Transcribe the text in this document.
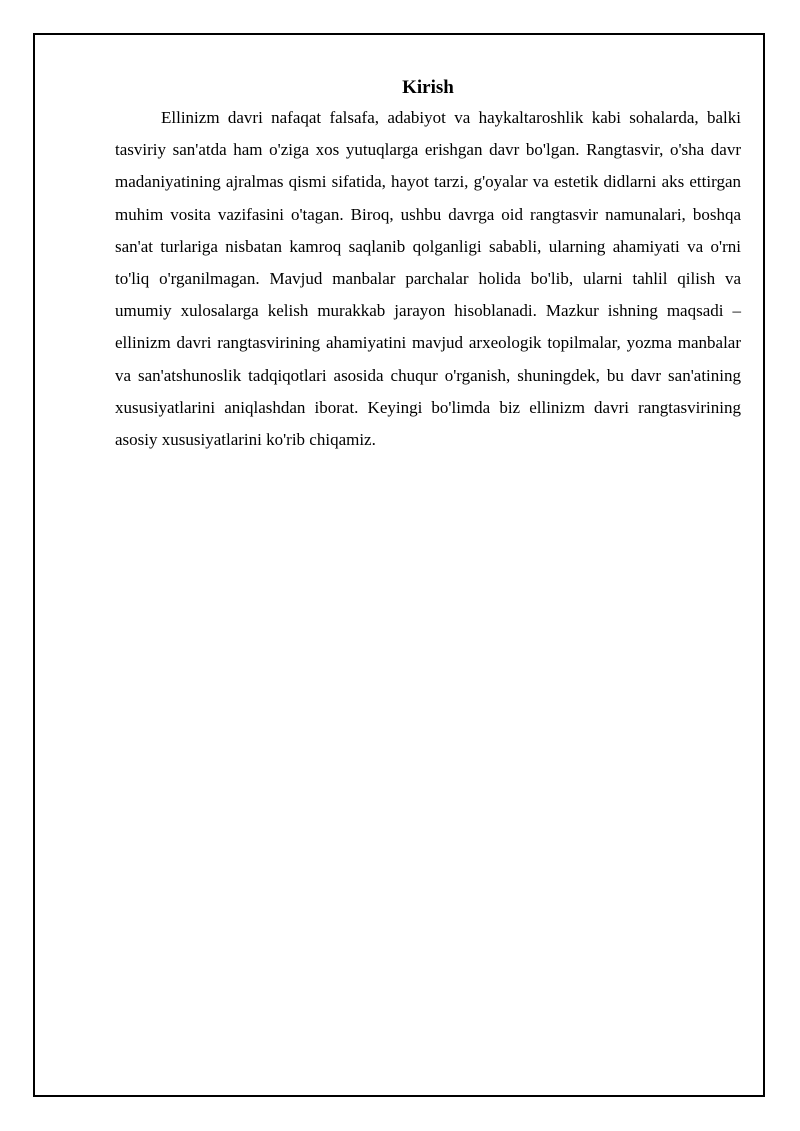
Kirish

Ellinizm davri nafaqat falsafa, adabiyot va haykaltaroshlik kabi sohalarda, balki tasviriy san'atda ham o'ziga xos yutuqlarga erishgan davr bo'lgan. Rangtasvir, o'sha davr madaniyatining ajralmas qismi sifatida, hayot tarzi, g'oyalar va estetik didlarni aks ettirgan muhim vosita vazifasini o'tagan. Biroq, ushbu davrga oid rangtasvir namunalari, boshqa san'at turlariga nisbatan kamroq saqlanib qolganligi sababli, ularning ahamiyati va o'rni to'liq o'rganilmagan. Mavjud manbalar parchalar holida bo'lib, ularni tahlil qilish va umumiy xulosalarga kelish murakkab jarayon hisoblanadi. Mazkur ishning maqsadi – ellinizm davri rangtasvirining ahamiyatini mavjud arxeologik topilmalar, yozma manbalar va san'atshunoslik tadqiqotlari asosida chuqur o'rganish, shuningdek, bu davr san'atining xususiyatlarini aniqlashdan iborat. Keyingi bo'limda biz ellinizm davri rangtasvirining asosiy xususiyatlarini ko'rib chiqamiz.
